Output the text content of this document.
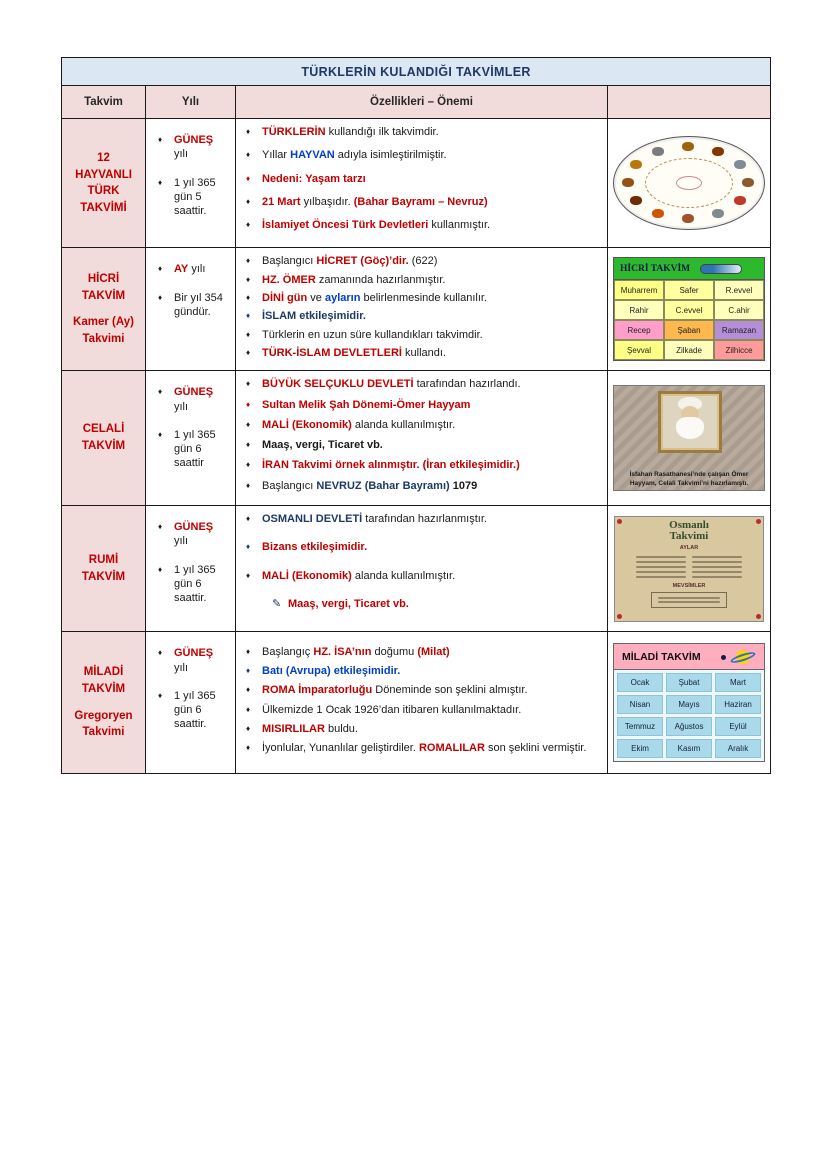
TÜRKLERİN KULANDIĞI TAKVİMLER			
Takvim	Yılı	Özellikleri – Önemi	

12
HAYVANLI
TÜRK
TAKVİMİ

♦	GÜNEŞ yılı
♦	1 yıl 365 gün 5 saattir.

♦	TÜRKLERİN kullandığı ilk takvimdir.
♦	Yıllar HAYVAN adıyla isimleştirilmiştir.
♦	Nedeni: Yaşam tarzı
♦	21 Mart yılbaşıdır. (Bahar Bayramı – Nevruz)
♦	İslamiyet Öncesi Türk Devletleri kullanmıştır.

HİCRİ
TAKVİM
Kamer (Ay)
Takvimi

♦	AY yılı
♦	Bir yıl 354 gündür.

♦	Başlangıcı HİCRET (Göç)’dir. (622)
♦	HZ. ÖMER zamanında hazırlanmıştır.
♦	DİNİ gün ve ayların belirlenmesinde kullanılır.
♦	İSLAM etkileşimidir.
♦	Türklerin en uzun süre kullandıkları takvimdir.
♦	TÜRK-İSLAM DEVLETLERİ kullandı.

HİCRİ TAKVİM
Muharrem	Safer	R.evvel
Rahir	C.evvel	C.ahir
Recep	Şaban	Ramazan
Şevval	Zilkade	Zilhicce

CELALİ
TAKVİM

♦	GÜNEŞ yılı
♦	1 yıl 365 gün 6 saattir

♦	BÜYÜK SELÇUKLU DEVLETİ tarafından hazırlandı.
♦	Sultan Melik Şah Dönemi-Ömer Hayyam
♦	MALİ (Ekonomik) alanda kullanılmıştır.
♦	Maaş, vergi, Ticaret vb.
♦	İRAN Takvimi örnek alınmıştır. (İran etkileşimidir.)
♦	Başlangıcı NEVRUZ (Bahar Bayramı) 1079

İsfahan Rasathanesi’nde çalışan Ömer Hayyam, Celali Takvimi’ni hazırlamıştı.

RUMİ
TAKVİM

♦	GÜNEŞ yılı
♦	1 yıl 365 gün 6 saattir.

♦	OSMANLI DEVLETİ tarafından hazırlanmıştır.
♦	Bizans etkileşimidir.
♦	MALİ (Ekonomik) alanda kullanılmıştır.
✎ Maaş, vergi, Ticaret vb.

Osmanlı
Takvimi
AYLAR
MEVSİMLER

MİLADİ
TAKVİM
Gregoryen
Takvimi

♦	GÜNEŞ yılı
♦	1 yıl 365 gün 6 saattir.

♦	Başlangıç HZ. İSA’nın doğumu (Milat)
♦	Batı (Avrupa) etkileşimidir.
♦	ROMA İmparatorluğu Döneminde son şeklini almıştır.
♦	Ülkemizde 1 Ocak 1926’dan itibaren kullanılmaktadır.
♦	MISIRLILAR buldu.
♦	İyonlular, Yunanlılar geliştirdiler. ROMALILAR son şeklini vermiştir.

MİLADİ TAKVİM
Ocak	Şubat	Mart
Nisan	Mayıs	Haziran
Temmuz	Ağustos	Eylül
Ekim	Kasım	Aralık
